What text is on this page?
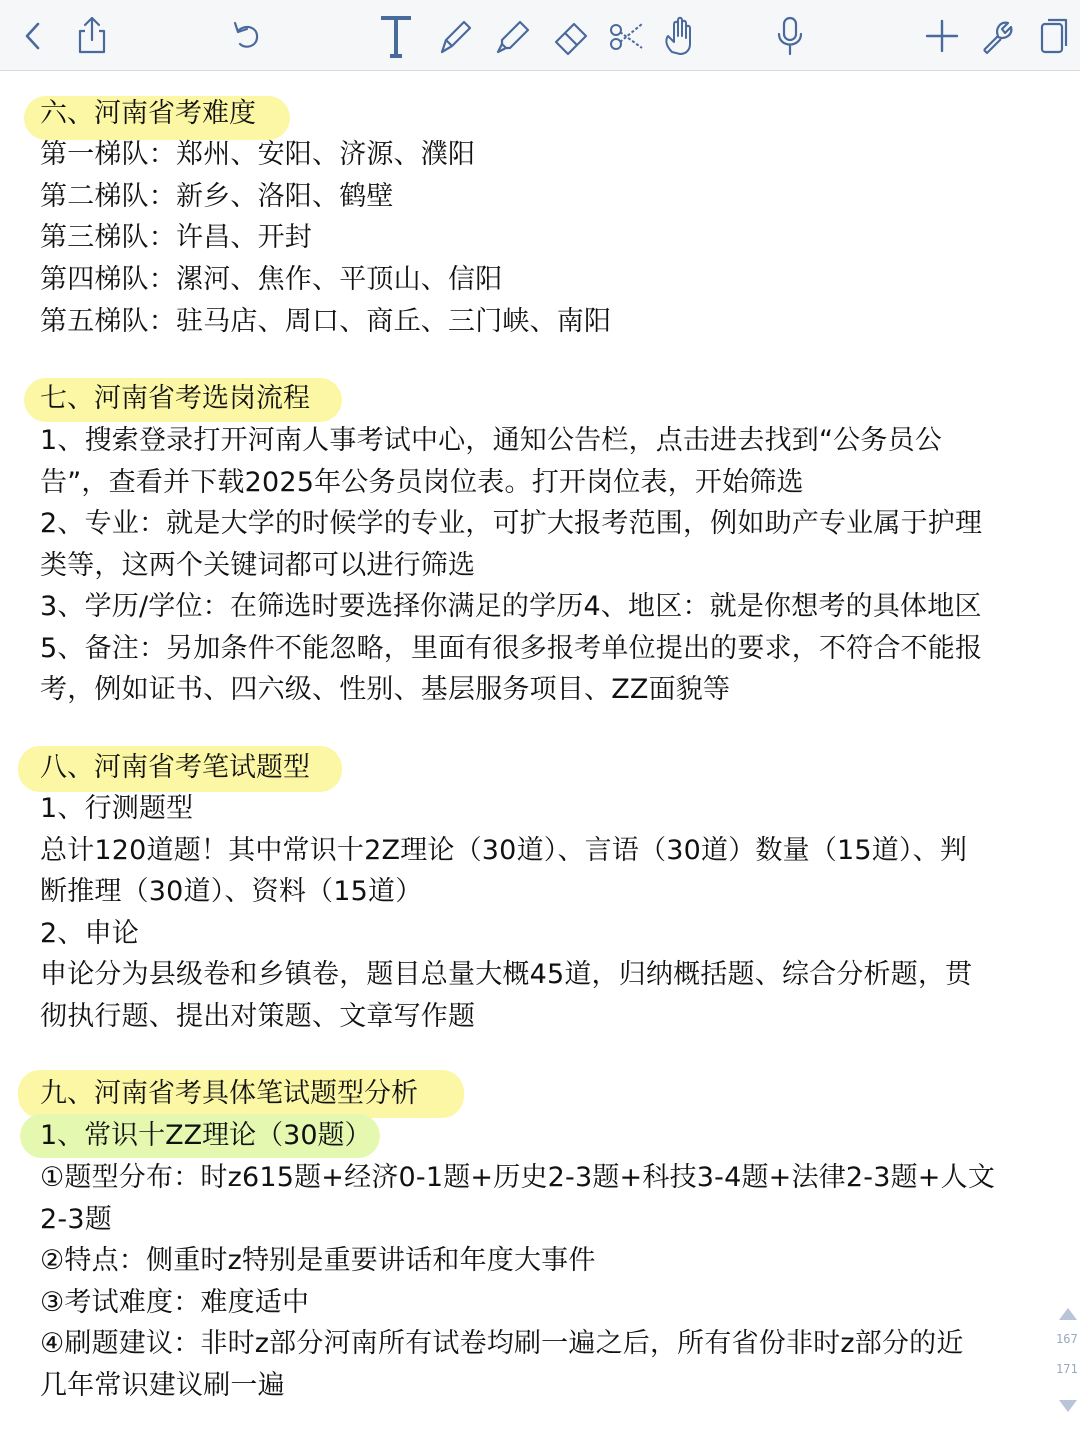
六、河南省考难度
第一梯队：郑州、安阳、济源、濮阳
第二梯队：新乡、洛阳、鹤壁
第三梯队：许昌、开封
第四梯队：漯河、焦作、平顶山、信阳
第五梯队：驻马店、周口、商丘、三门峡、南阳
七、河南省考选岗流程
1、搜索登录打开河南人事考试中心，通知公告栏，点击进去找到“公务员公
告”，查看并下载2025年公务员岗位表。打开岗位表，开始筛选
2、专业：就是大学的时候学的专业，可扩大报考范围，例如助产专业属于护理
类等，这两个关键词都可以进行筛选
3、学历/学位：在筛选时要选择你满足的学历4、地区：就是你想考的具体地区
5、备注：另加条件不能忽略，里面有很多报考单位提出的要求，不符合不能报
考，例如证书、四六级、性别、基层服务项目、ZZ面貌等
八、河南省考笔试题型
1、行测题型
总计120道题！其中常识十2Z理论（30道）、言语（30道）数量（15道）、判
断推理（30道）、资料（15道）
2、申论
申论分为县级卷和乡镇卷，题目总量大概45道，归纳概括题、综合分析题，贯
彻执行题、提出对策题、文章写作题
九、河南省考具体笔试题型分析
1、常识十ZZ理论（30题）
①题型分布：时z615题+经济0-1题+历史2-3题+科技3-4题+法律2-3题+人文
2-3题
②特点：侧重时z特别是重要讲话和年度大事件
③考试难度：难度适中
④刷题建议：非时z部分河南所有试卷均刷一遍之后，所有省份非时z部分的近
几年常识建议刷一遍
167
171
